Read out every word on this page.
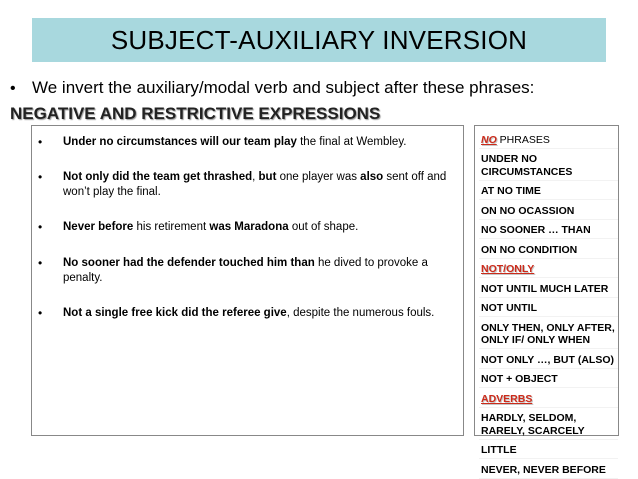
SUBJECT-AUXILIARY INVERSION
• We invert the auxiliary/modal verb and subject after these phrases:
NEGATIVE AND RESTRICTIVE EXPRESSIONS
•	Under no circumstances will our team play the final at Wembley.
•	Not only did the team get thrashed, but one player was also sent off and won’t play the final.
•	Never before his retirement was Maradona out of shape.
•	No sooner had the defender touched him than he dived to provoke a penalty.
•	Not a single free kick did the referee give, despite the numerous fouls.
NO PHRASES
UNDER NO CIRCUMSTANCES
AT NO TIME
ON NO OCASSION
NO SOONER … THAN
ON NO CONDITION
NOT/ONLY
NOT UNTIL MUCH LATER
NOT UNTIL
ONLY THEN, ONLY AFTER, ONLY IF/ ONLY WHEN
NOT ONLY …, BUT (ALSO)
NOT + OBJECT
ADVERBS
HARDLY, SELDOM, RARELY, SCARCELY
LITTLE
NEVER, NEVER BEFORE
